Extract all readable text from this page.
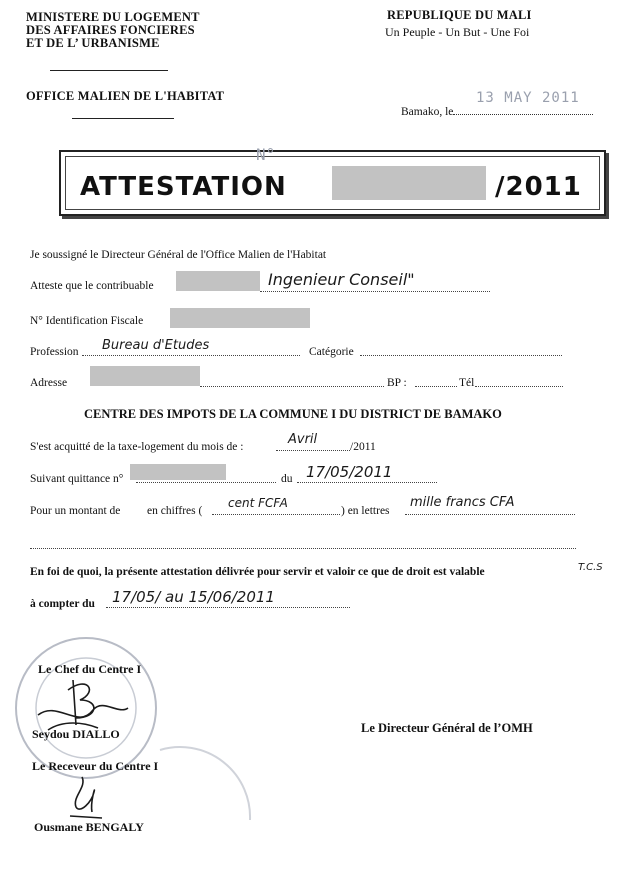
MINISTERE DU LOGEMENT
DES AFFAIRES FONCIERES
ET DE L’ URBANISME
OFFICE MALIEN DE L'HABITAT
REPUBLIQUE DU MALI
Un Peuple - Un But - Une Foi
Bamako, le
13 MAY 2011
N°
ATTESTATION	/2011
Je soussigné le Directeur Général de l'Office Malien de l'Habitat
Atteste que le contribuable	Ingenieur Conseil"
N° Identification Fiscale
Profession Bureau d'Etudes	Catégorie
Adresse	BP :	Tél
CENTRE DES IMPOTS DE LA COMMUNE I DU DISTRICT DE BAMAKO
S'est acquitté de la taxe-logement du mois de :	Avril	/2011
Suivant quittance n°	du 17/05/2011
Pour un montant de en chiffres (
cent FCFA
) en lettres
mille francs CFA
En foi de quoi, la présente attestation délivrée pour servir et valoir ce que de droit est valable	T.C.S
à compter du 17/05/ au 15/06/2011
Le Chef du Centre I
Seydou DIALLO
Le Receveur du Centre I
Ousmane BENGALY
Le Directeur Général de l’OMH
